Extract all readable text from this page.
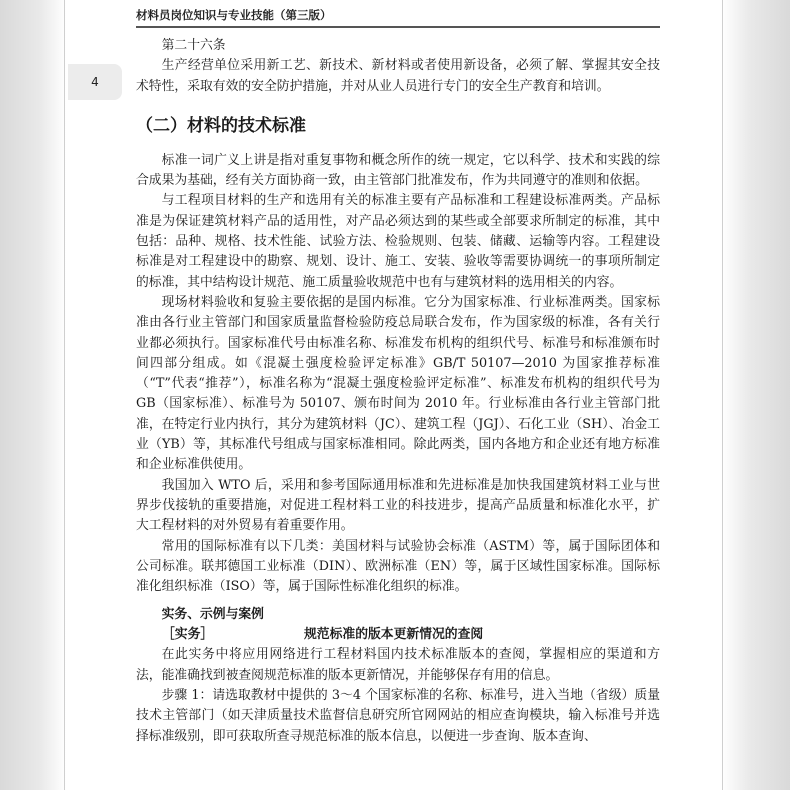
材料员岗位知识与专业技能（第三版）
4

第二十六条

生产经营单位采用新工艺、新技术、新材料或者使用新设备，必须了解、掌握其安全技术特性，采取有效的安全防护措施，并对从业人员进行专门的安全生产教育和培训。

（二）材料的技术标准

标准一词广义上讲是指对重复事物和概念所作的统一规定，它以科学、技术和实践的综合成果为基础，经有关方面协商一致，由主管部门批准发布，作为共同遵守的准则和依据。

与工程项目材料的生产和选用有关的标准主要有产品标准和工程建设标准两类。产品标准是为保证建筑材料产品的适用性，对产品必须达到的某些或全部要求所制定的标准，其中包括：品种、规格、技术性能、试验方法、检验规则、包装、储藏、运输等内容。工程建设标准是对工程建设中的勘察、规划、设计、施工、安装、验收等需要协调统一的事项所制定的标准，其中结构设计规范、施工质量验收规范中也有与建筑材料的选用相关的内容。

现场材料验收和复验主要依据的是国内标准。它分为国家标准、行业标准两类。国家标准由各行业主管部门和国家质量监督检验防疫总局联合发布，作为国家级的标准，各有关行业都必须执行。国家标准代号由标准名称、标准发布机构的组织代号、标准号和标准颁布时间四部分组成。如《混凝土强度检验评定标准》GB/T 50107—2010 为国家推荐标准（“T”代表“推荐”），标准名称为“混凝土强度检验评定标准”、标准发布机构的组织代号为 GB（国家标准）、标准号为 50107、颁布时间为 2010 年。行业标准由各行业主管部门批准，在特定行业内执行，其分为建筑材料（JC）、建筑工程（JGJ）、石化工业（SH）、冶金工业（YB）等，其标准代号组成与国家标准相同。除此两类，国内各地方和企业还有地方标准和企业标准供使用。

我国加入 WTO 后，采用和参考国际通用标准和先进标准是加快我国建筑材料工业与世界步伐接轨的重要措施，对促进工程材料工业的科技进步，提高产品质量和标准化水平，扩大工程材料的对外贸易有着重要作用。

常用的国际标准有以下几类：美国材料与试验协会标准（ASTM）等，属于国际团体和公司标准。联邦德国工业标准（DIN）、欧洲标准（EN）等，属于区域性国家标准。国际标准化组织标准（ISO）等，属于国际性标准化组织的标准。

实务、示例与案例
［实务］	规范标准的版本更新情况的查阅

在此实务中将应用网络进行工程材料国内技术标准版本的查阅，掌握相应的渠道和方法，能准确找到被查阅规范标准的版本更新情况，并能够保存有用的信息。

步骤 1：请选取教材中提供的 3～4 个国家标准的名称、标准号，进入当地（省级）质量技术主管部门（如天津质量技术监督信息研究所官网网站的相应查询模块，输入标准号并选择标准级别，即可获取所查寻规范标准的版本信息，以便进一步查询、版本查询、
